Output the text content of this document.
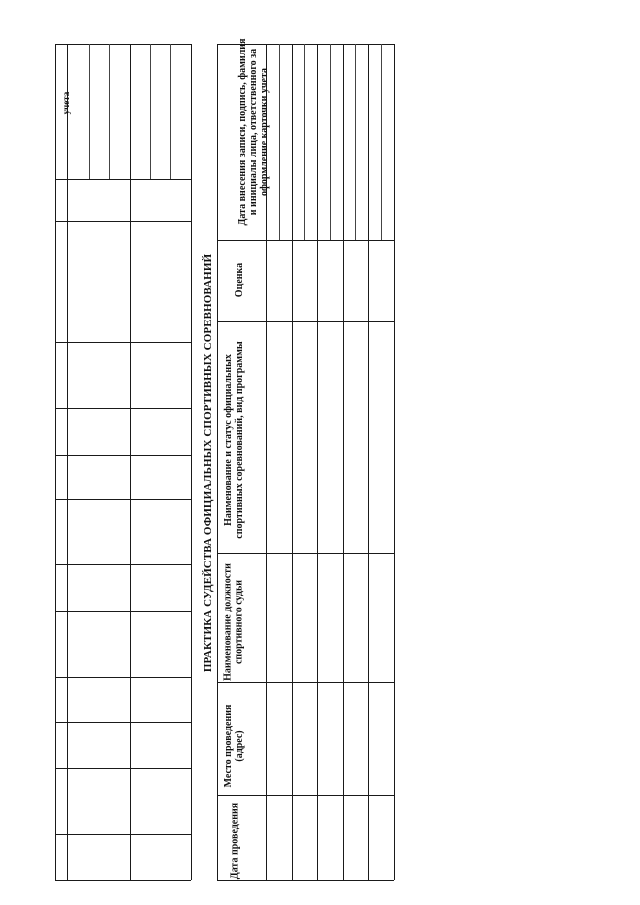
учета
ПРАКТИКА СУДЕЙСТВА ОФИЦИАЛЬНЫХ СПОРТИВНЫХ СОРЕВНОВАНИЙ
Дата проведения
Место проведения (адрес)
Наименование должности спортивного судьи
Наименование и статус официальных спортивных соревнований, вид программы
Оценка
Дата внесения записи, подпись, фамилия и инициалы лица, ответственного за оформление карточки учета
